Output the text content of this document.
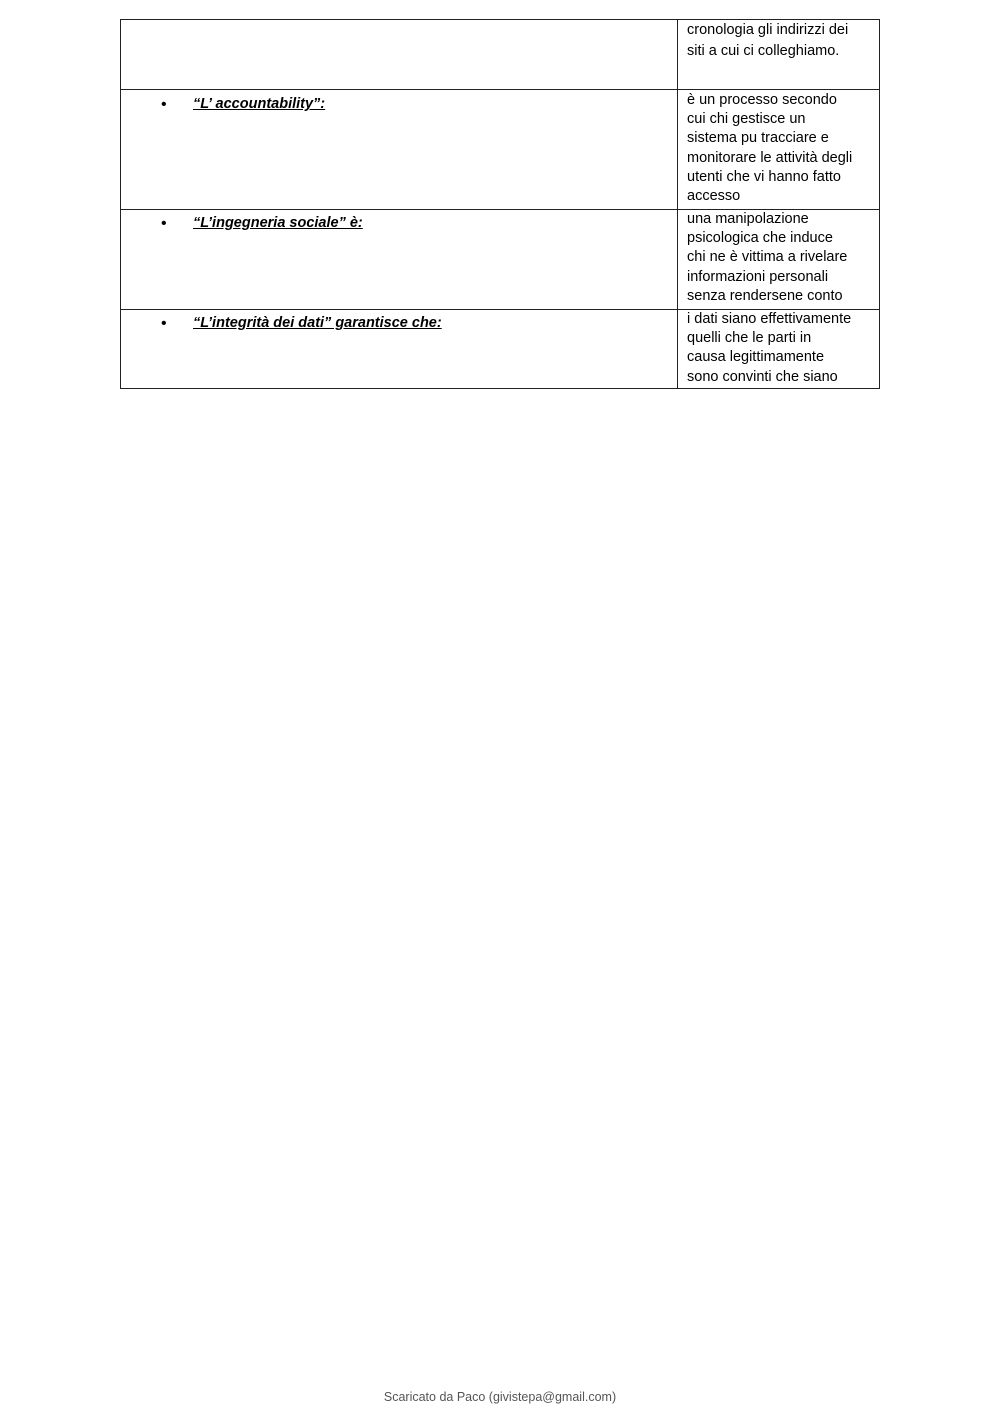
cronologia gli indirizzi dei
siti a cui ci colleghiamo.
•	“L’ accountability”:	è un processo secondo
cui chi gestisce un
sistema pu tracciare e
monitorare le attività degli
utenti che vi hanno fatto
accesso
•	“L’ingegneria sociale” è:	una manipolazione
psicologica che induce
chi ne è vittima a rivelare
informazioni personali
senza rendersene conto
•	“L’integrità dei dati” garantisce che:	i dati siano effettivamente
quelli che le parti in
causa legittimamente
sono convinti che siano
Scaricato da Paco (givistepa@gmail.com)
